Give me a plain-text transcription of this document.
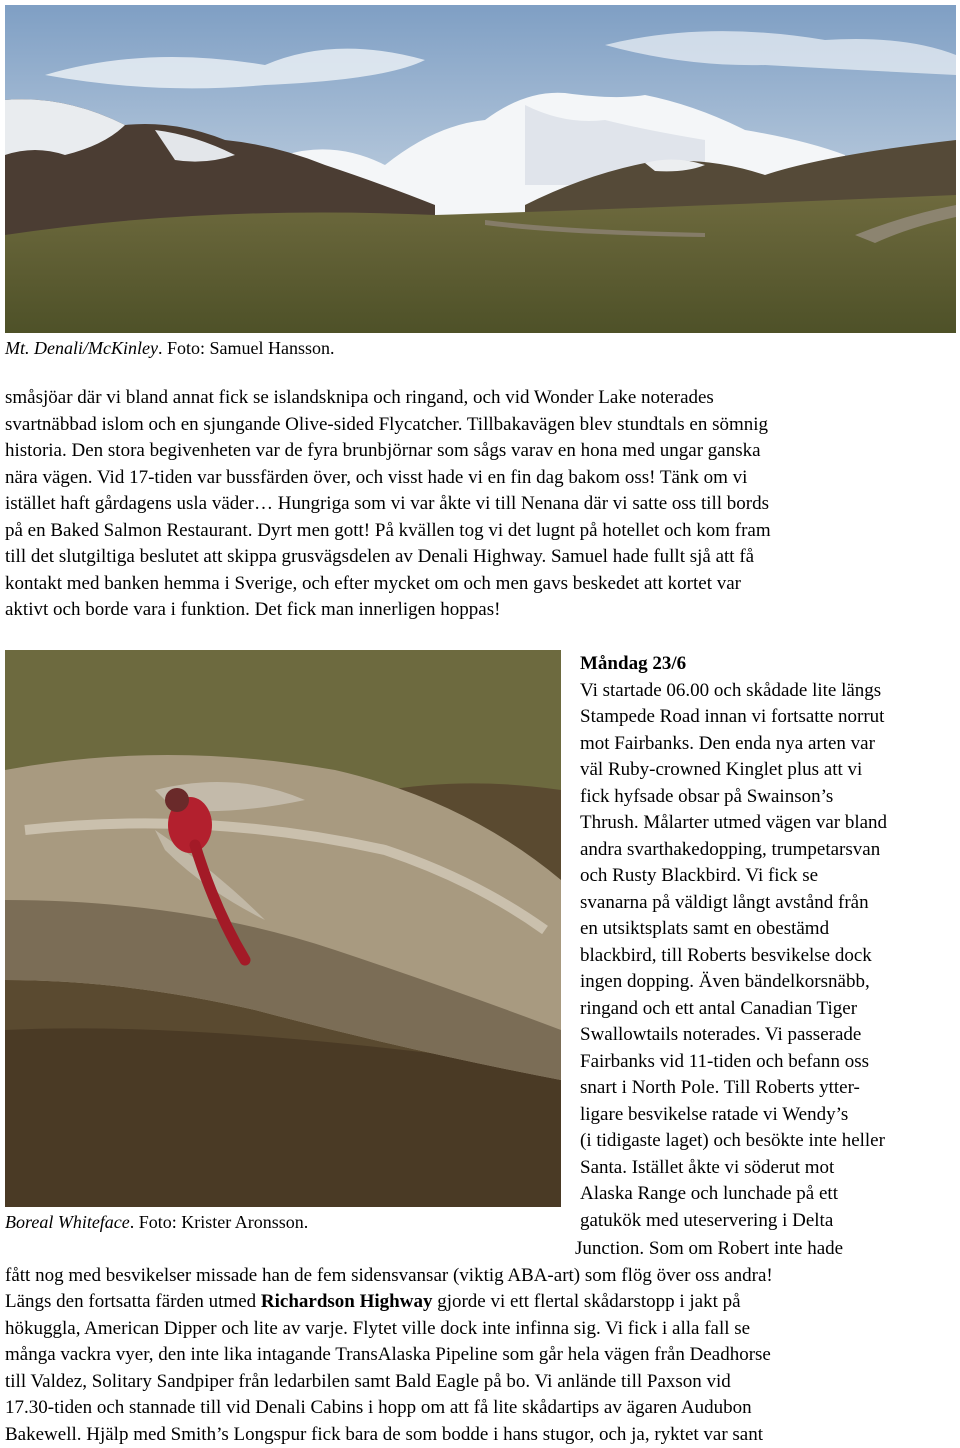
Mt. Denali/McKinley. Foto: Samuel Hansson.

småsjöar där vi bland annat fick se islandsknipa och ringand, och vid Wonder Lake noterades
svartnäbbad islom och en sjungande Olive-sided Flycatcher. Tillbakavägen blev stundtals en sömnig
historia. Den stora begivenheten var de fyra brunbjörnar som sågs varav en hona med ungar ganska
nära vägen. Vid 17-tiden var bussfärden över, och visst hade vi en fin dag bakom oss! Tänk om vi
istället haft gårdagens usla väder… Hungriga som vi var åkte vi till Nenana där vi satte oss till bords
på en Baked Salmon Restaurant. Dyrt men gott! På kvällen tog vi det lugnt på hotellet och kom fram
till det slutgiltiga beslutet att skippa grusvägsdelen av Denali Highway. Samuel hade fullt sjå att få
kontakt med banken hemma i Sverige, och efter mycket om och men gavs beskedet att kortet var
aktivt och borde vara i funktion. Det fick man innerligen hoppas!

Boreal Whiteface. Foto: Krister Aronsson.
Måndag 23/6
Vi startade 06.00 och skådade lite längs
Stampede Road innan vi fortsatte norrut
mot Fairbanks. Den enda nya arten var
väl Ruby-crowned Kinglet plus att vi
fick hyfsade obsar på Swainson’s
Thrush. Målarter utmed vägen var bland
andra svarthakedopping, trumpetarsvan
och Rusty Blackbird. Vi fick se
svanarna på väldigt långt avstånd från
en utsiktsplats samt en obestämd
blackbird, till Roberts besvikelse dock
ingen dopping. Även bändelkorsnäbb,
ringand och ett antal Canadian Tiger
Swallowtails noterades. Vi passerade
Fairbanks vid 11-tiden och befann oss
snart i North Pole. Till Roberts ytter-
ligare besvikelse ratade vi Wendy’s
(i tidigaste laget) och besökte inte heller
Santa. Istället åkte vi söderut mot
Alaska Range och lunchade på ett
gatukök med uteservering i Delta

Junction. Som om Robert inte hade
fått nog med besvikelser missade han de fem sidensvansar (viktig ABA-art) som flög över oss andra!
Längs den fortsatta färden utmed Richardson Highway gjorde vi ett flertal skådarstopp i jakt på
hökuggla, American Dipper och lite av varje. Flytet ville dock inte infinna sig. Vi fick i alla fall se
många vackra vyer, den inte lika intagande TransAlaska Pipeline som går hela vägen från Deadhorse
till Valdez, Solitary Sandpiper från ledarbilen samt Bald Eagle på bo. Vi anlände till Paxson vid
17.30-tiden och stannade till vid Denali Cabins i hopp om att få lite skådartips av ägaren Audubon
Bakewell. Hjälp med Smith’s Longspur fick bara de som bodde i hans stugor, och ja, ryktet var sant
